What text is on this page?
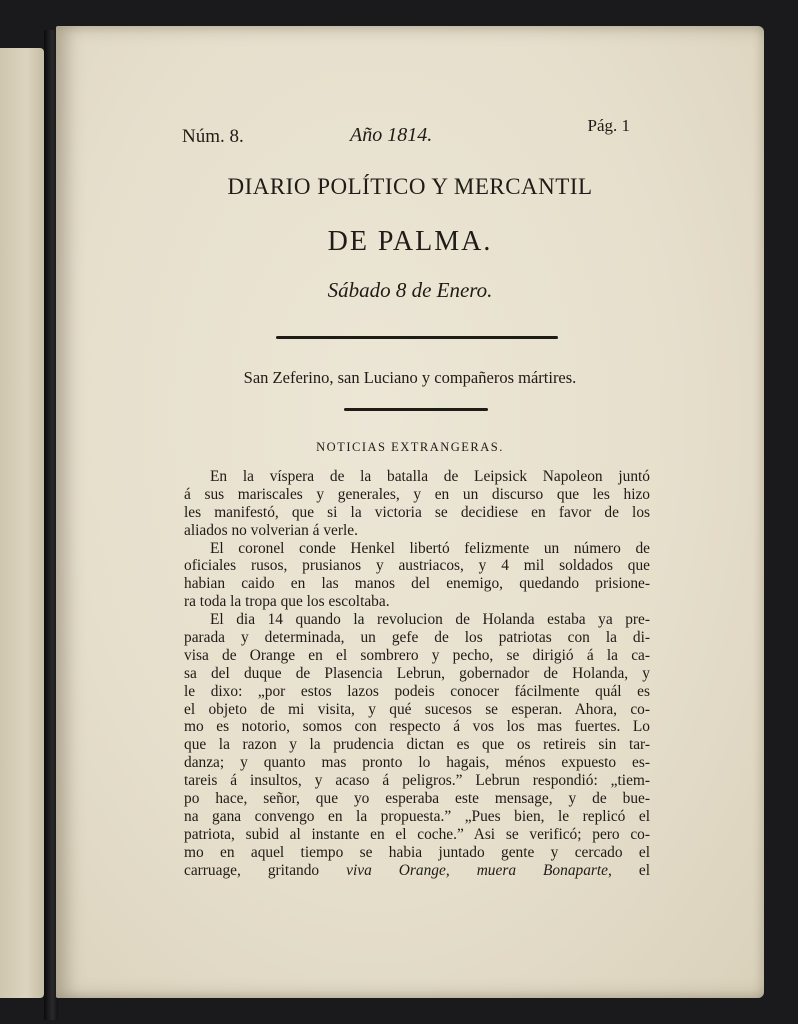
Núm. 8.	Año 1814.	Pág. 1
DIARIO POLÍTICO Y MERCANTIL
DE PALMA.
Sábado 8 de Enero.
San Zeferino, san Luciano y compañeros mártires.
NOTICIAS EXTRANGERAS.
En la víspera de la batalla de Leipsick Napoleon juntó
á sus mariscales y generales, y en un discurso que les hizo
les manifestó, que si la victoria se decidiese en favor de los
aliados no volverian á verle.
El coronel conde Henkel libertó felizmente un número de
oficiales rusos, prusianos y austriacos, y 4 mil soldados que
habian caido en las manos del enemigo, quedando prisione-
ra toda la tropa que los escoltaba.
El dia 14 quando la revolucion de Holanda estaba ya pre-
parada y determinada, un gefe de los patriotas con la di-
visa de Orange en el sombrero y pecho, se dirigió á la ca-
sa del duque de Plasencia Lebrun, gobernador de Holanda, y
le dixo: „por estos lazos podeis conocer fácilmente quál es
el objeto de mi visita, y qué sucesos se esperan. Ahora, co-
mo es notorio, somos con respecto á vos los mas fuertes. Lo
que la razon y la prudencia dictan es que os retireis sin tar-
danza; y quanto mas pronto lo hagais, ménos expuesto es-
tareis á insultos, y acaso á peligros.” Lebrun respondió: „tiem-
po hace, señor, que yo esperaba este mensage, y de bue-
na gana convengo en la propuesta.” „Pues bien, le replicó el
patriota, subid al instante en el coche.” Asi se verificó; pero co-
mo en aquel tiempo se habia juntado gente y cercado el
carruage, gritando viva Orange, muera Bonaparte, el
